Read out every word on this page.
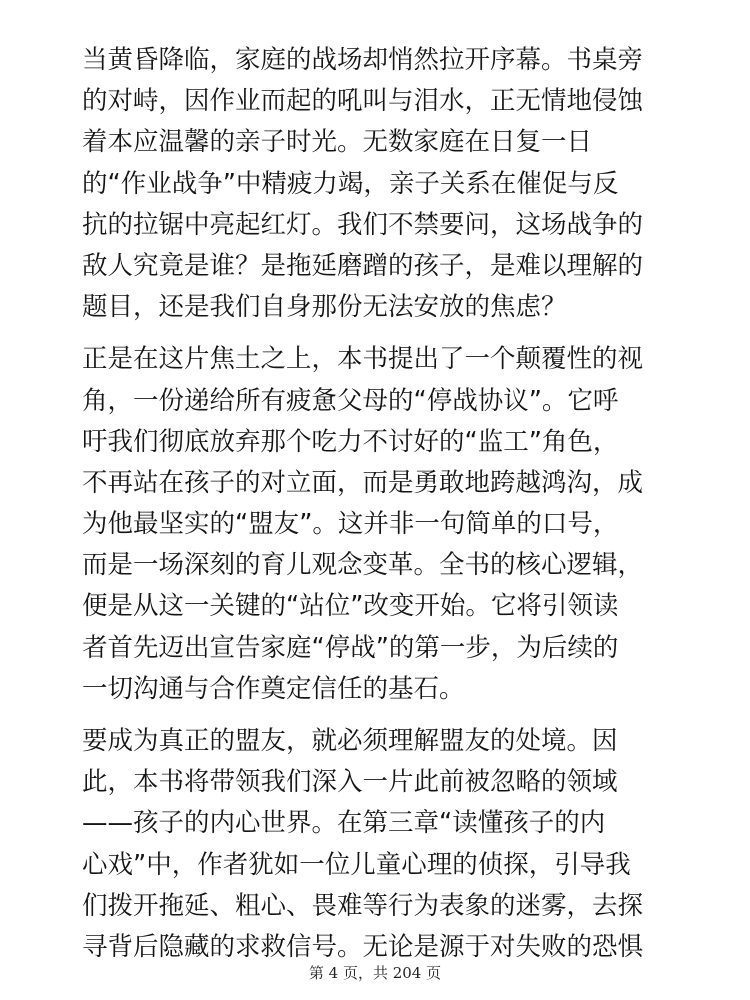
当黄昏降临，家庭的战场却悄然拉开序幕。书桌旁
的对峙，因作业而起的吼叫与泪水，正无情地侵蚀
着本应温馨的亲子时光。无数家庭在日复一日
的“作业战争”中精疲力竭，亲子关系在催促与反
抗的拉锯中亮起红灯。我们不禁要问，这场战争的
敌人究竟是谁？是拖延磨蹭的孩子，是难以理解的
题目，还是我们自身那份无法安放的焦虑？

正是在这片焦土之上，本书提出了一个颠覆性的视
角，一份递给所有疲惫父母的“停战协议”。它呼
吁我们彻底放弃那个吃力不讨好的“监工”角色，
不再站在孩子的对立面，而是勇敢地跨越鸿沟，成
为他最坚实的“盟友”。这并非一句简单的口号，
而是一场深刻的育儿观念变革。全书的核心逻辑，
便是从这一关键的“站位”改变开始。它将引领读
者首先迈出宣告家庭“停战”的第一步，为后续的
一切沟通与合作奠定信任的基石。

要成为真正的盟友，就必须理解盟友的处境。因
此，本书将带领我们深入一片此前被忽略的领域
——孩子的内心世界。在第三章“读懂孩子的内
心戏”中，作者犹如一位儿童心理的侦探，引导我
们拨开拖延、粗心、畏难等行为表象的迷雾，去探
寻背后隐藏的求救信号。无论是源于对失败的恐惧

第 4 页，共 204 页
